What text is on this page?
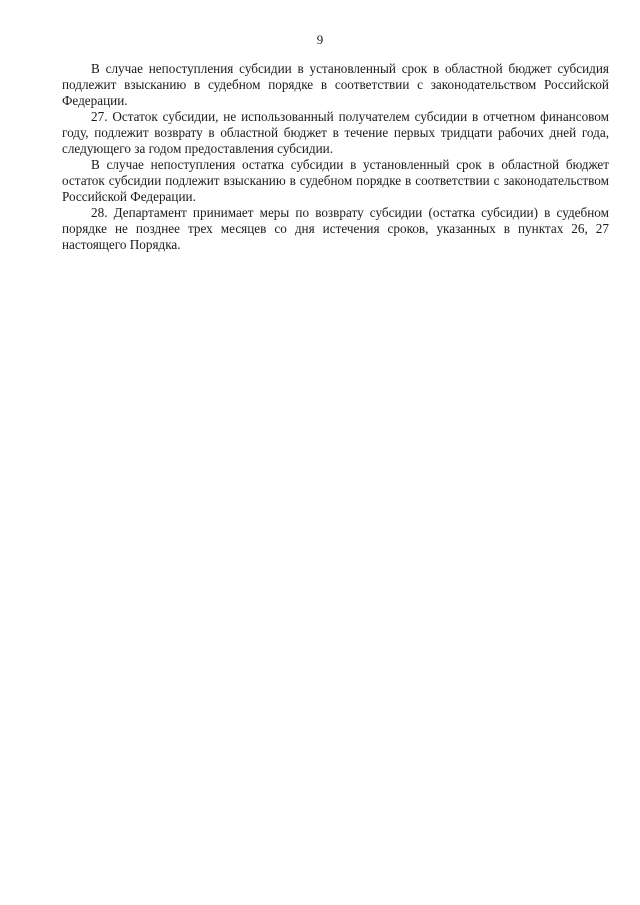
9

В случае непоступления субсидии в установленный срок в областной бюджет субсидия подлежит взысканию в судебном порядке в соответствии с законодательством Российской Федерации.

27. Остаток субсидии, не использованный получателем субсидии в отчетном финансовом году, подлежит возврату в областной бюджет в течение первых тридцати рабочих дней года, следующего за годом предоставления субсидии.

В случае непоступления остатка субсидии в установленный срок в областной бюджет остаток субсидии подлежит взысканию в судебном порядке в соответствии с законодательством Российской Федерации.

28. Департамент принимает меры по возврату субсидии (остатка субсидии) в судебном порядке не позднее трех месяцев со дня истечения сроков, указанных в пунктах 26, 27 настоящего Порядка.
